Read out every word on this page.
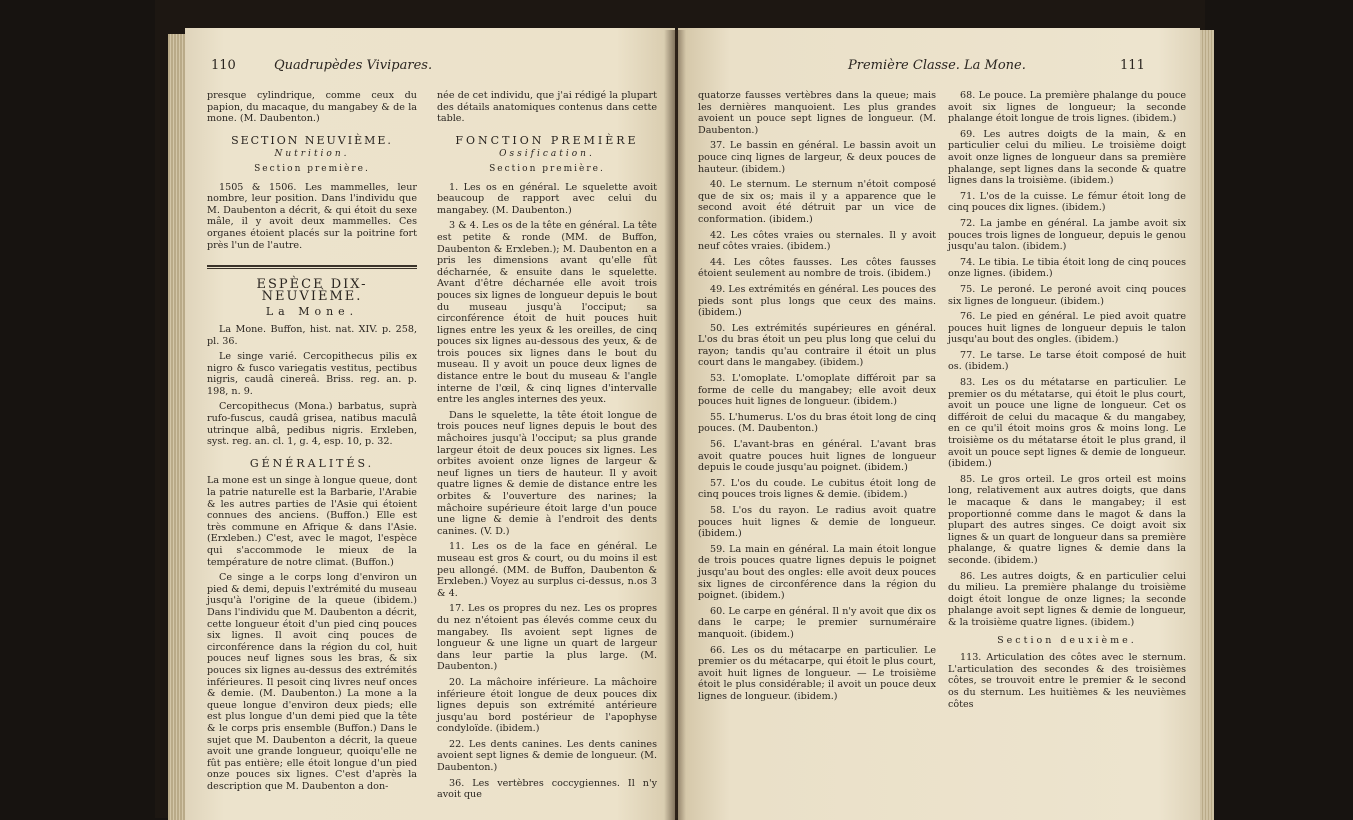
110	Quadrupèdes Vivipares.

presque cylindrique, comme ceux du papion, du macaque, du mangabey & de la mone. (M. Daubenton.)

SECTION NEUVIÈME.
Nutrition.
Section première.

1505 & 1506. Les mammelles, leur nombre, leur position. Dans l'individu que M. Daubenton a décrit, & qui étoit du sexe mâle, il y avoit deux mammelles. Ces organes étoient placés sur la poitrine fort près l'un de l'autre.

ESPÈCE DIX-NEUVIÈME.
La Mone.

La Mone. Buffon, hist. nat. XIV. p. 258, pl. 36.

Le singe varié. Cercopithecus pilis ex nigro & fusco variegatis vestitus, pectibus nigris, caudâ cinereâ. Briss. reg. an. p. 198, n. 9.

Cercopithecus (Mona.) barbatus, suprà rufo-fuscus, caudâ grisea, natibus maculâ utrinque albâ, pedibus nigris. Erxleben, syst. reg. an. cl. 1, g. 4, esp. 10, p. 32.

GÉNÉRALITÉS.

La mone est un singe à longue queue, dont la patrie naturelle est la Barbarie, l'Arabie & les autres parties de l'Asie qui étoient connues des anciens. (Buffon.) Elle est très commune en Afrique & dans l'Asie. (Erxleben.) C'est, avec le magot, l'espèce qui s'accommode le mieux de la température de notre climat. (Buffon.)

Ce singe a le corps long d'environ un pied & demi, depuis l'extrémité du museau jusqu'à l'origine de la queue (ibidem.) Dans l'individu que M. Daubenton a décrit, cette longueur étoit d'un pied cinq pouces six lignes. Il avoit cinq pouces de circonférence dans la région du col, huit pouces neuf lignes sous les bras, & six pouces six lignes au-dessus des extrémités inférieures. Il pesoit cinq livres neuf onces & demie. (M. Daubenton.) La mone a la queue longue d'environ deux pieds; elle est plus longue d'un demi pied que la tête & le corps pris ensemble (Buffon.) Dans le sujet que M. Daubenton a décrit, la queue avoit une grande longueur, quoiqu'elle ne fût pas entière; elle étoit longue d'un pied onze pouces six lignes. C'est d'après la description que M. Daubenton a don-

née de cet individu, que j'ai rédigé la plupart des détails anatomiques contenus dans cette table.

FONCTION PREMIÈRE
Ossification.
Section première.

1. Les os en général. Le squelette avoit beaucoup de rapport avec celui du mangabey. (M. Daubenton.)

3 & 4. Les os de la tête en général. La tête est petite & ronde (MM. de Buffon, Daubenton & Erxleben.); M. Daubenton en a pris les dimensions avant qu'elle fût décharnée, & ensuite dans le squelette. Avant d'être décharnée elle avoit trois pouces six lignes de longueur depuis le bout du museau jusqu'à l'occiput; sa circonférence étoit de huit pouces huit lignes entre les yeux & les oreilles, de cinq pouces six lignes au-dessous des yeux, & de trois pouces six lignes dans le bout du museau. Il y avoit un pouce deux lignes de distance entre le bout du museau & l'angle interne de l'œil, & cinq lignes d'intervalle entre les angles internes des yeux.

Dans le squelette, la tête étoit longue de trois pouces neuf lignes depuis le bout des mâchoires jusqu'à l'occiput; sa plus grande largeur étoit de deux pouces six lignes. Les orbites avoient onze lignes de largeur & neuf lignes un tiers de hauteur. Il y avoit quatre lignes & demie de distance entre les orbites & l'ouverture des narines; la mâchoire supérieure étoit large d'un pouce une ligne & demie à l'endroit des dents canines. (V. D.)

11. Les os de la face en général. Le museau est gros & court, ou du moins il est peu allongé. (MM. de Buffon, Daubenton & Erxleben.) Voyez au surplus ci-dessus, n.os 3 & 4.

17. Les os propres du nez. Les os propres du nez n'étoient pas élevés comme ceux du mangabey. Ils avoient sept lignes de longueur & une ligne un quart de largeur dans leur partie la plus large. (M. Daubenton.)

20. La mâchoire inférieure. La mâchoire inférieure étoit longue de deux pouces dix lignes depuis son extrémité antérieure jusqu'au bord postérieur de l'apophyse condyloïde. (ibidem.)

22. Les dents canines. Les dents canines avoient sept lignes & demie de longueur. (M. Daubenton.)

36. Les vertèbres coccygiennes. Il n'y avoit que

Première Classe. La Mone.	111

quatorze fausses vertèbres dans la queue; mais les dernières manquoient. Les plus grandes avoient un pouce sept lignes de longueur. (M. Daubenton.)

37. Le bassin en général. Le bassin avoit un pouce cinq lignes de largeur, & deux pouces de hauteur. (ibidem.)

40. Le sternum. Le sternum n'étoit composé que de six os; mais il y a apparence que le second avoit été détruit par un vice de conformation. (ibidem.)

42. Les côtes vraies ou sternales. Il y avoit neuf côtes vraies. (ibidem.)

44. Les côtes fausses. Les côtes fausses étoient seulement au nombre de trois. (ibidem.)

49. Les extrémités en général. Les pouces des pieds sont plus longs que ceux des mains. (ibidem.)

50. Les extrémités supérieures en général. L'os du bras étoit un peu plus long que celui du rayon; tandis qu'au contraire il étoit un plus court dans le mangabey. (ibidem.)

53. L'omoplate. L'omoplate différoit par sa forme de celle du mangabey; elle avoit deux pouces huit lignes de longueur. (ibidem.)

55. L'humerus. L'os du bras étoit long de cinq pouces. (M. Daubenton.)

56. L'avant-bras en général. L'avant bras avoit quatre pouces huit lignes de longueur depuis le coude jusqu'au poignet. (ibidem.)

57. L'os du coude. Le cubitus étoit long de cinq pouces trois lignes & demie. (ibidem.)

58. L'os du rayon. Le radius avoit quatre pouces huit lignes & demie de longueur. (ibidem.)

59. La main en général. La main étoit longue de trois pouces quatre lignes depuis le poignet jusqu'au bout des ongles: elle avoit deux pouces six lignes de circonférence dans la région du poignet. (ibidem.)

60. Le carpe en général. Il n'y avoit que dix os dans le carpe; le premier surnuméraire manquoit. (ibidem.)

66. Les os du métacarpe en particulier. Le premier os du métacarpe, qui étoit le plus court, avoit huit lignes de longueur. — Le troisième étoit le plus considérable; il avoit un pouce deux lignes de longueur. (ibidem.)

68. Le pouce. La première phalange du pouce avoit six lignes de longueur; la seconde phalange étoit longue de trois lignes. (ibidem.)

69. Les autres doigts de la main, & en particulier celui du milieu. Le troisième doigt avoit onze lignes de longueur dans sa première phalange, sept lignes dans la seconde & quatre lignes dans la troisième. (ibidem.)

71. L'os de la cuisse. Le fémur étoit long de cinq pouces dix lignes. (ibidem.)

72. La jambe en général. La jambe avoit six pouces trois lignes de longueur, depuis le genou jusqu'au talon. (ibidem.)

74. Le tibia. Le tibia étoit long de cinq pouces onze lignes. (ibidem.)

75. Le peroné. Le peroné avoit cinq pouces six lignes de longueur. (ibidem.)

76. Le pied en général. Le pied avoit quatre pouces huit lignes de longueur depuis le talon jusqu'au bout des ongles. (ibidem.)

77. Le tarse. Le tarse étoit composé de huit os. (ibidem.)

83. Les os du métatarse en particulier. Le premier os du métatarse, qui étoit le plus court, avoit un pouce une ligne de longueur. Cet os différoit de celui du macaque & du mangabey, en ce qu'il étoit moins gros & moins long. Le troisième os du métatarse étoit le plus grand, il avoit un pouce sept lignes & demie de longueur. (ibidem.)

85. Le gros orteil. Le gros orteil est moins long, relativement aux autres doigts, que dans le macaque & dans le mangabey; il est proportionné comme dans le magot & dans la plupart des autres singes. Ce doigt avoit six lignes & un quart de longueur dans sa première phalange, & quatre lignes & demie dans la seconde. (ibidem.)

86. Les autres doigts, & en particulier celui du milieu. La première phalange du troisième doigt étoit longue de onze lignes; la seconde phalange avoit sept lignes & demie de longueur, & la troisième quatre lignes. (ibidem.)

Section deuxième.

113. Articulation des côtes avec le sternum. L'articulation des secondes & des troisièmes côtes, se trouvoit entre le premier & le second os du sternum. Les huitièmes & les neuvièmes côtes
